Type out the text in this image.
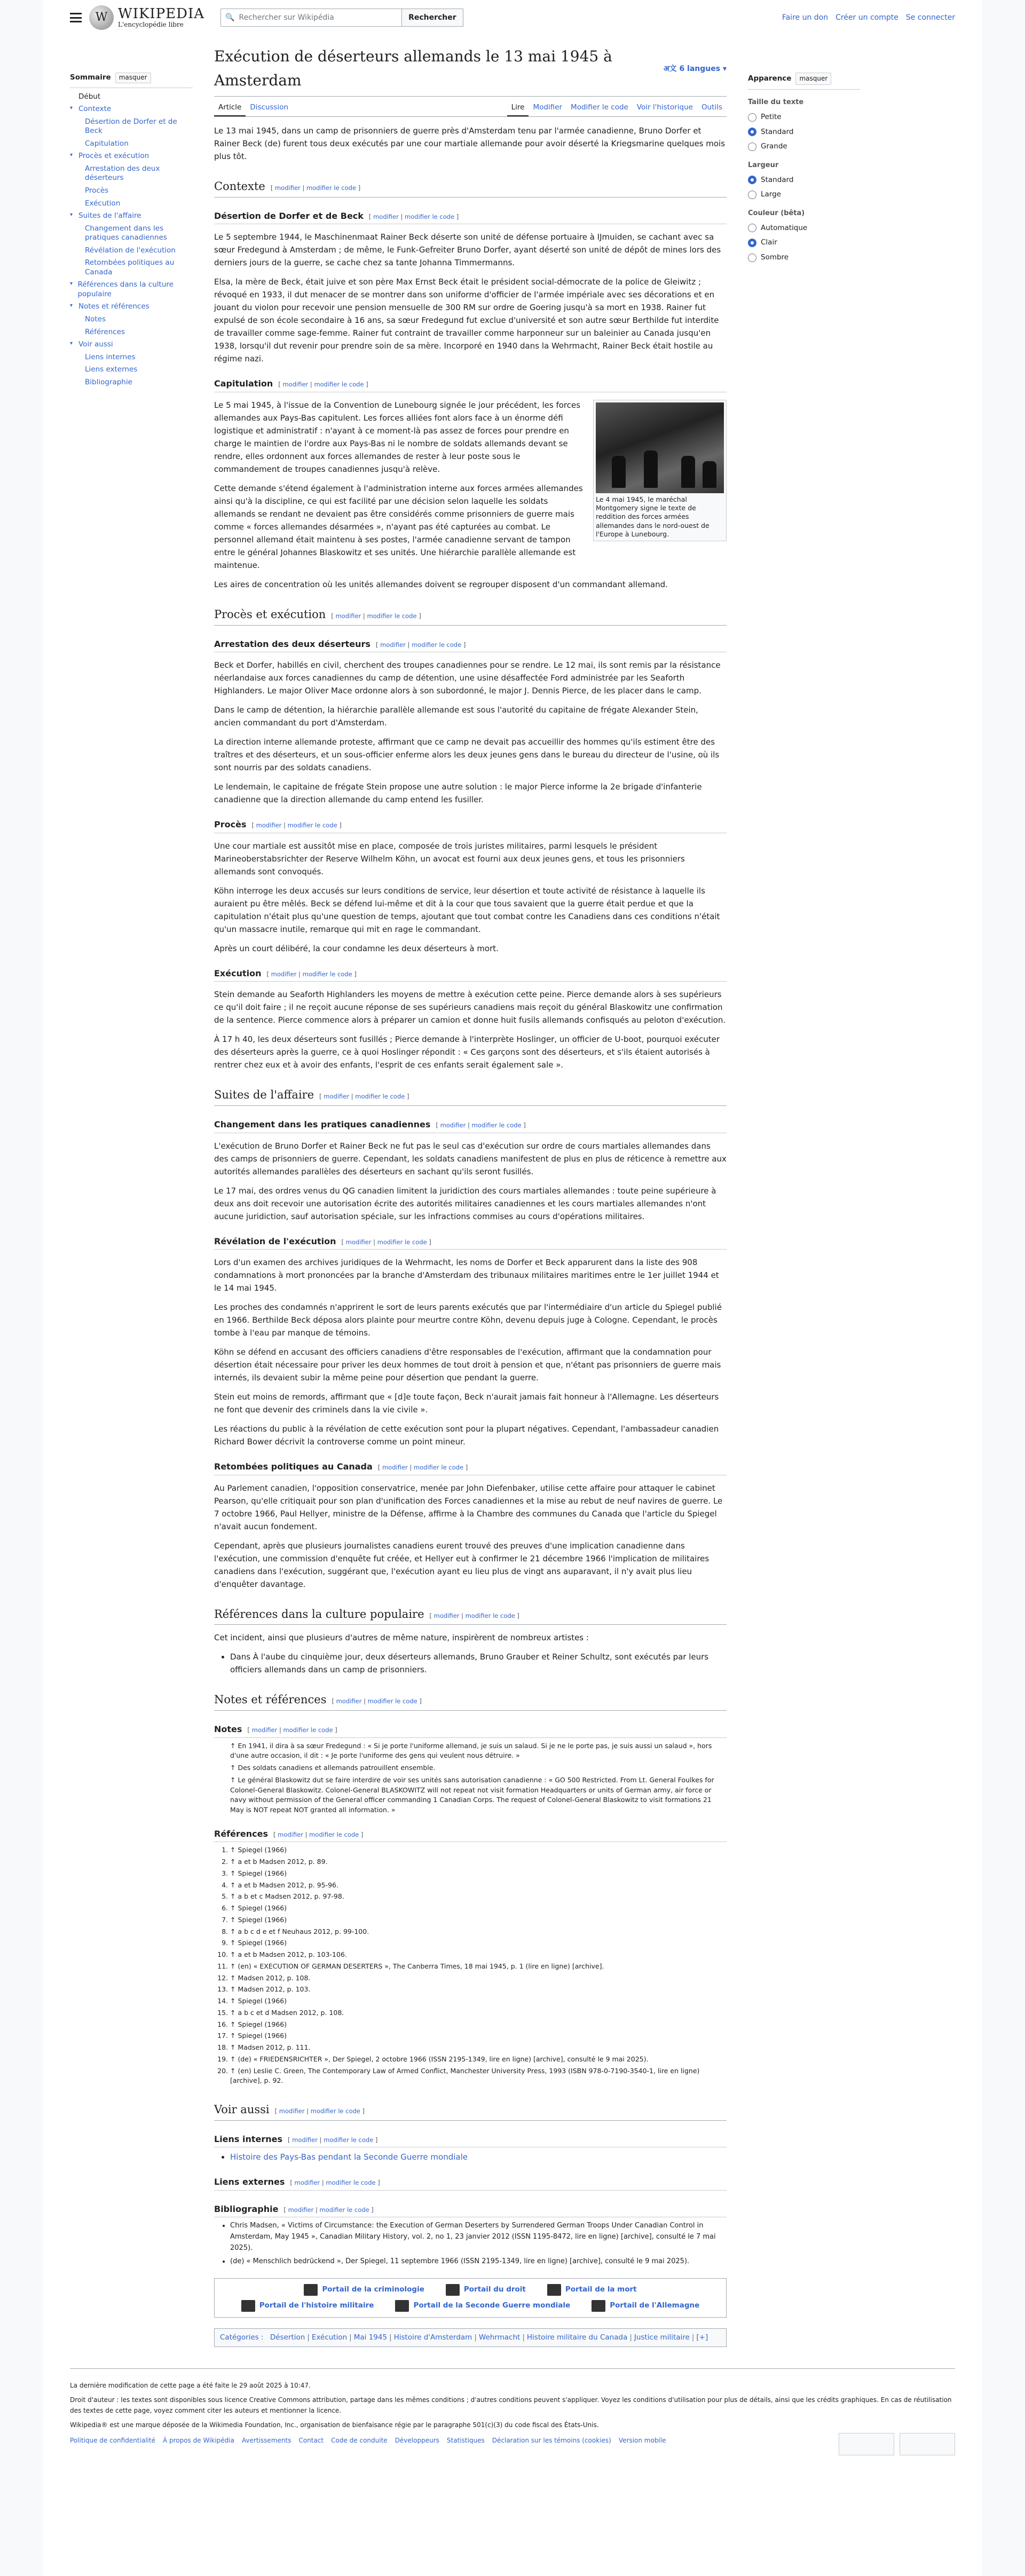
W WIKIPEDIA
L'encyclopédie libre
🔍 Rechercher sur Wikipédia	Rechercher	Faire un don Créer un compte Se connecter
Sommaire	masquer
Début
▾ Contexte
Désertion de Dorfer et de Beck
Capitulation
▾ Procès et exécution
Arrestation des deux déserteurs
Procès
Exécution
▾ Suites de l'affaire
Changement dans les pratiques canadiennes
Révélation de l'exécution
Retombées politiques au Canada
▾ Références dans la culture populaire
▾ Notes et références
Notes
Références
▾ Voir aussi
Liens internes
Liens externes
Bibliographie
Exécution de déserteurs allemands le 13 mai 1945 à Amsterdam
अ文 6 langues ▾
Article	Discussion	Lire	Modifier	Modifier le code	Voir l'historique	Outils

Le 13 mai 1945, dans un camp de prisonniers de guerre près d'Amsterdam tenu par l'armée canadienne, Bruno Dorfer et Rainer Beck (de) furent tous deux exécutés par une cour martiale allemande pour avoir déserté la Kriegsmarine quelques mois plus tôt.

Contexte [ modifier | modifier le code ]
Désertion de Dorfer et de Beck [ modifier | modifier le code ]

Le 5 septembre 1944, le Maschinenmaat Rainer Beck déserte son unité de défense portuaire à IJmuiden, se cachant avec sa sœur Fredegund à Amsterdam ; de même, le Funk-Gefreiter Bruno Dorfer, ayant déserté son unité de dépôt de mines lors des derniers jours de la guerre, se cache chez sa tante Johanna Timmermanns.

Elsa, la mère de Beck, était juive et son père Max Ernst Beck était le président social-démocrate de la police de Gleiwitz ; révoqué en 1933, il dut menacer de se montrer dans son uniforme d'officier de l'armée impériale avec ses décorations et en jouant du violon pour recevoir une pension mensuelle de 300 RM sur ordre de Goering jusqu'à sa mort en 1938. Rainer fut expulsé de son école secondaire à 16 ans, sa sœur Fredegund fut exclue d'université et son autre sœur Berthilde fut interdite de travailler comme sage-femme. Rainer fut contraint de travailler comme harponneur sur un baleinier au Canada jusqu'en 1938, lorsqu'il dut revenir pour prendre soin de sa mère. Incorporé en 1940 dans la Wehrmacht, Rainer Beck était hostile au régime nazi.

Capitulation [ modifier | modifier le code ]
Le 4 mai 1945, le maréchal Montgomery signe le texte de reddition des forces armées allemandes dans le nord-ouest de l'Europe à Lunebourg.

Le 5 mai 1945, à l'issue de la Convention de Lunebourg signée le jour précédent, les forces allemandes aux Pays-Bas capitulent. Les forces alliées font alors face à un énorme défi logistique et administratif : n'ayant à ce moment-là pas assez de forces pour prendre en charge le maintien de l'ordre aux Pays-Bas ni le nombre de soldats allemands devant se rendre, elles ordonnent aux forces allemandes de rester à leur poste sous le commandement de troupes canadiennes jusqu'à relève.

Cette demande s'étend également à l'administration interne aux forces armées allemandes ainsi qu'à la discipline, ce qui est facilité par une décision selon laquelle les soldats allemands se rendant ne devaient pas être considérés comme prisonniers de guerre mais comme « forces allemandes désarmées », n'ayant pas été capturées au combat. Le personnel allemand était maintenu à ses postes, l'armée canadienne servant de tampon entre le général Johannes Blaskowitz et ses unités. Une hiérarchie parallèle allemande est maintenue.

Les aires de concentration où les unités allemandes doivent se regrouper disposent d'un commandant allemand.

Procès et exécution [ modifier | modifier le code ]
Arrestation des deux déserteurs [ modifier | modifier le code ]

Beck et Dorfer, habillés en civil, cherchent des troupes canadiennes pour se rendre. Le 12 mai, ils sont remis par la résistance néerlandaise aux forces canadiennes du camp de détention, une usine désaffectée Ford administrée par les Seaforth Highlanders. Le major Oliver Mace ordonne alors à son subordonné, le major J. Dennis Pierce, de les placer dans le camp.

Dans le camp de détention, la hiérarchie parallèle allemande est sous l'autorité du capitaine de frégate Alexander Stein, ancien commandant du port d'Amsterdam.

La direction interne allemande proteste, affirmant que ce camp ne devait pas accueillir des hommes qu'ils estiment être des traîtres et des déserteurs, et un sous-officier enferme alors les deux jeunes gens dans le bureau du directeur de l'usine, où ils sont nourris par des soldats canadiens.

Le lendemain, le capitaine de frégate Stein propose une autre solution : le major Pierce informe la 2e brigade d'infanterie canadienne que la direction allemande du camp entend les fusiller.

Procès [ modifier | modifier le code ]

Une cour martiale est aussitôt mise en place, composée de trois juristes militaires, parmi lesquels le président Marineoberstabsrichter der Reserve Wilhelm Köhn, un avocat est fourni aux deux jeunes gens, et tous les prisonniers allemands sont convoqués.

Köhn interroge les deux accusés sur leurs conditions de service, leur désertion et toute activité de résistance à laquelle ils auraient pu être mêlés. Beck se défend lui-même et dit à la cour que tous savaient que la guerre était perdue et que la capitulation n'était plus qu'une question de temps, ajoutant que tout combat contre les Canadiens dans ces conditions n'était qu'un massacre inutile, remarque qui mit en rage le commandant.

Après un court délibéré, la cour condamne les deux déserteurs à mort.

Exécution [ modifier | modifier le code ]

Stein demande au Seaforth Highlanders les moyens de mettre à exécution cette peine. Pierce demande alors à ses supérieurs ce qu'il doit faire ; il ne reçoit aucune réponse de ses supérieurs canadiens mais reçoit du général Blaskowitz une confirmation de la sentence. Pierce commence alors à préparer un camion et donne huit fusils allemands confisqués au peloton d'exécution.

À 17 h 40, les deux déserteurs sont fusillés ; Pierce demande à l'interprète Hoslinger, un officier de U-boot, pourquoi exécuter des déserteurs après la guerre, ce à quoi Hoslinger répondit : « Ces garçons sont des déserteurs, et s'ils étaient autorisés à rentrer chez eux et à avoir des enfants, l'esprit de ces enfants serait également sale ».

Suites de l'affaire [ modifier | modifier le code ]
Changement dans les pratiques canadiennes [ modifier | modifier le code ]

L'exécution de Bruno Dorfer et Rainer Beck ne fut pas le seul cas d'exécution sur ordre de cours martiales allemandes dans des camps de prisonniers de guerre. Cependant, les soldats canadiens manifestent de plus en plus de réticence à remettre aux autorités allemandes parallèles des déserteurs en sachant qu'ils seront fusillés.

Le 17 mai, des ordres venus du QG canadien limitent la juridiction des cours martiales allemandes : toute peine supérieure à deux ans doit recevoir une autorisation écrite des autorités militaires canadiennes et les cours martiales allemandes n'ont aucune juridiction, sauf autorisation spéciale, sur les infractions commises au cours d'opérations militaires.

Révélation de l'exécution [ modifier | modifier le code ]

Lors d'un examen des archives juridiques de la Wehrmacht, les noms de Dorfer et Beck apparurent dans la liste des 908 condamnations à mort prononcées par la branche d'Amsterdam des tribunaux militaires maritimes entre le 1er juillet 1944 et le 14 mai 1945.

Les proches des condamnés n'apprirent le sort de leurs parents exécutés que par l'intermédiaire d'un article du Spiegel publié en 1966. Berthilde Beck déposa alors plainte pour meurtre contre Köhn, devenu depuis juge à Cologne. Cependant, le procès tombe à l'eau par manque de témoins.

Köhn se défend en accusant des officiers canadiens d'être responsables de l'exécution, affirmant que la condamnation pour désertion était nécessaire pour priver les deux hommes de tout droit à pension et que, n'étant pas prisonniers de guerre mais internés, ils devaient subir la même peine pour désertion que pendant la guerre.

Stein eut moins de remords, affirmant que « [d]e toute façon, Beck n'aurait jamais fait honneur à l'Allemagne. Les déserteurs ne font que devenir des criminels dans la vie civile ».

Les réactions du public à la révélation de cette exécution sont pour la plupart négatives. Cependant, l'ambassadeur canadien Richard Bower décrivit la controverse comme un point mineur.

Retombées politiques au Canada [ modifier | modifier le code ]

Au Parlement canadien, l'opposition conservatrice, menée par John Diefenbaker, utilise cette affaire pour attaquer le cabinet Pearson, qu'elle critiquait pour son plan d'unification des Forces canadiennes et la mise au rebut de neuf navires de guerre. Le 7 octobre 1966, Paul Hellyer, ministre de la Défense, affirme à la Chambre des communes du Canada que l'article du Spiegel n'avait aucun fondement.

Cependant, après que plusieurs journalistes canadiens eurent trouvé des preuves d'une implication canadienne dans l'exécution, une commission d'enquête fut créée, et Hellyer eut à confirmer le 21 décembre 1966 l'implication de militaires canadiens dans l'exécution, suggérant que, l'exécution ayant eu lieu plus de vingt ans auparavant, il n'y avait plus lieu d'enquêter davantage.

Références dans la culture populaire [ modifier | modifier le code ]

Cet incident, ainsi que plusieurs d'autres de même nature, inspirèrent de nombreux artistes :

• Dans À l'aube du cinquième jour, deux déserteurs allemands, Bruno Grauber et Reiner Schultz, sont exécutés par leurs officiers allemands dans un camp de prisonniers.
Notes et références [ modifier | modifier le code ]
Notes [ modifier | modifier le code ]
↑ En 1941, il dira à sa sœur Fredegund : « Si je porte l'uniforme allemand, je suis un salaud. Si je ne le porte pas, je suis aussi un salaud », hors d'une autre occasion, il dit : « Je porte l'uniforme des gens qui veulent nous détruire. »
↑ Des soldats canadiens et allemands patrouillent ensemble.
↑ Le général Blaskowitz dut se faire interdire de voir ses unités sans autorisation canadienne : « GO 500 Restricted. From Lt. General Foulkes for Colonel-General Blaskowitz. Colonel-General BLASKOWITZ will not repeat not visit formation Headquarters or units of German army, air force or navy without permission of the General officer commanding 1 Canadian Corps. The request of Colonel-General Blaskowitz to visit formations 21 May is NOT repeat NOT granted all information. »
Références [ modifier | modifier le code ]
1. ↑ Spiegel (1966)
2. ↑ a et b Madsen 2012, p. 89.
3. ↑ Spiegel (1966)
4. ↑ a et b Madsen 2012, p. 95-96.
5. ↑ a b et c Madsen 2012, p. 97-98.
6. ↑ Spiegel (1966)
7. ↑ Spiegel (1966)
8. ↑ a b c d e et f Neuhaus 2012, p. 99-100.
9. ↑ Spiegel (1966)
10. ↑ a et b Madsen 2012, p. 103-106.
11. ↑ (en) « EXECUTION OF GERMAN DESERTERS », The Canberra Times, 18 mai 1945, p. 1 (lire en ligne) [archive].
12. ↑ Madsen 2012, p. 108.
13. ↑ Madsen 2012, p. 103.
14. ↑ Spiegel (1966)
15. ↑ a b c et d Madsen 2012, p. 108.
16. ↑ Spiegel (1966)
17. ↑ Spiegel (1966)
18. ↑ Madsen 2012, p. 111.
19. ↑ (de) « FRIEDENSRICHTER », Der Spiegel, 2 octobre 1966 (ISSN 2195-1349, lire en ligne) [archive], consulté le 9 mai 2025).
20. ↑ (en) Leslie C. Green, The Contemporary Law of Armed Conflict, Manchester University Press, 1993 (ISBN 978-0-7190-3540-1, lire en ligne) [archive], p. 92.
Voir aussi [ modifier | modifier le code ]
Liens internes [ modifier | modifier le code ]
• Histoire des Pays-Bas pendant la Seconde Guerre mondiale
Liens externes [ modifier | modifier le code ]
Bibliographie [ modifier | modifier le code ]
• Chris Madsen, « Victims of Circumstance: the Execution of German Deserters by Surrendered German Troops Under Canadian Control in Amsterdam, May 1945 », Canadian Military History, vol. 2, no 1, 23 janvier 2012 (ISSN 1195-8472, lire en ligne) [archive], consulté le 7 mai 2025).
• (de) « Menschlich bedrückend », Der Spiegel, 11 septembre 1966 (ISSN 2195-1349, lire en ligne) [archive], consulté le 9 mai 2025).
Portail de la criminologie	Portail du droit	Portail de la mort
Portail de l'histoire militaire	Portail de la Seconde Guerre mondiale	Portail de l'Allemagne
Catégories : Désertion | Exécution | Mai 1945 | Histoire d'Amsterdam | Wehrmacht | Histoire militaire du Canada | Justice militaire | [+]
Apparence	masquer
Taille du texte
Petite
Standard
Grande
Largeur
Standard
Large
Couleur (bêta)
Automatique
Clair
Sombre

La dernière modification de cette page a été faite le 29 août 2025 à 10:47.

Droit d'auteur : les textes sont disponibles sous licence Creative Commons attribution, partage dans les mêmes conditions ; d'autres conditions peuvent s'appliquer. Voyez les conditions d'utilisation pour plus de détails, ainsi que les crédits graphiques. En cas de réutilisation des textes de cette page, voyez comment citer les auteurs et mentionner la licence.

Wikipedia® est une marque déposée de la Wikimedia Foundation, Inc., organisation de bienfaisance régie par le paragraphe 501(c)(3) du code fiscal des États-Unis.

Politique de confidentialité À propos de Wikipédia Avertissements Contact Code de conduite Développeurs Statistiques Déclaration sur les témoins (cookies) Version mobile
